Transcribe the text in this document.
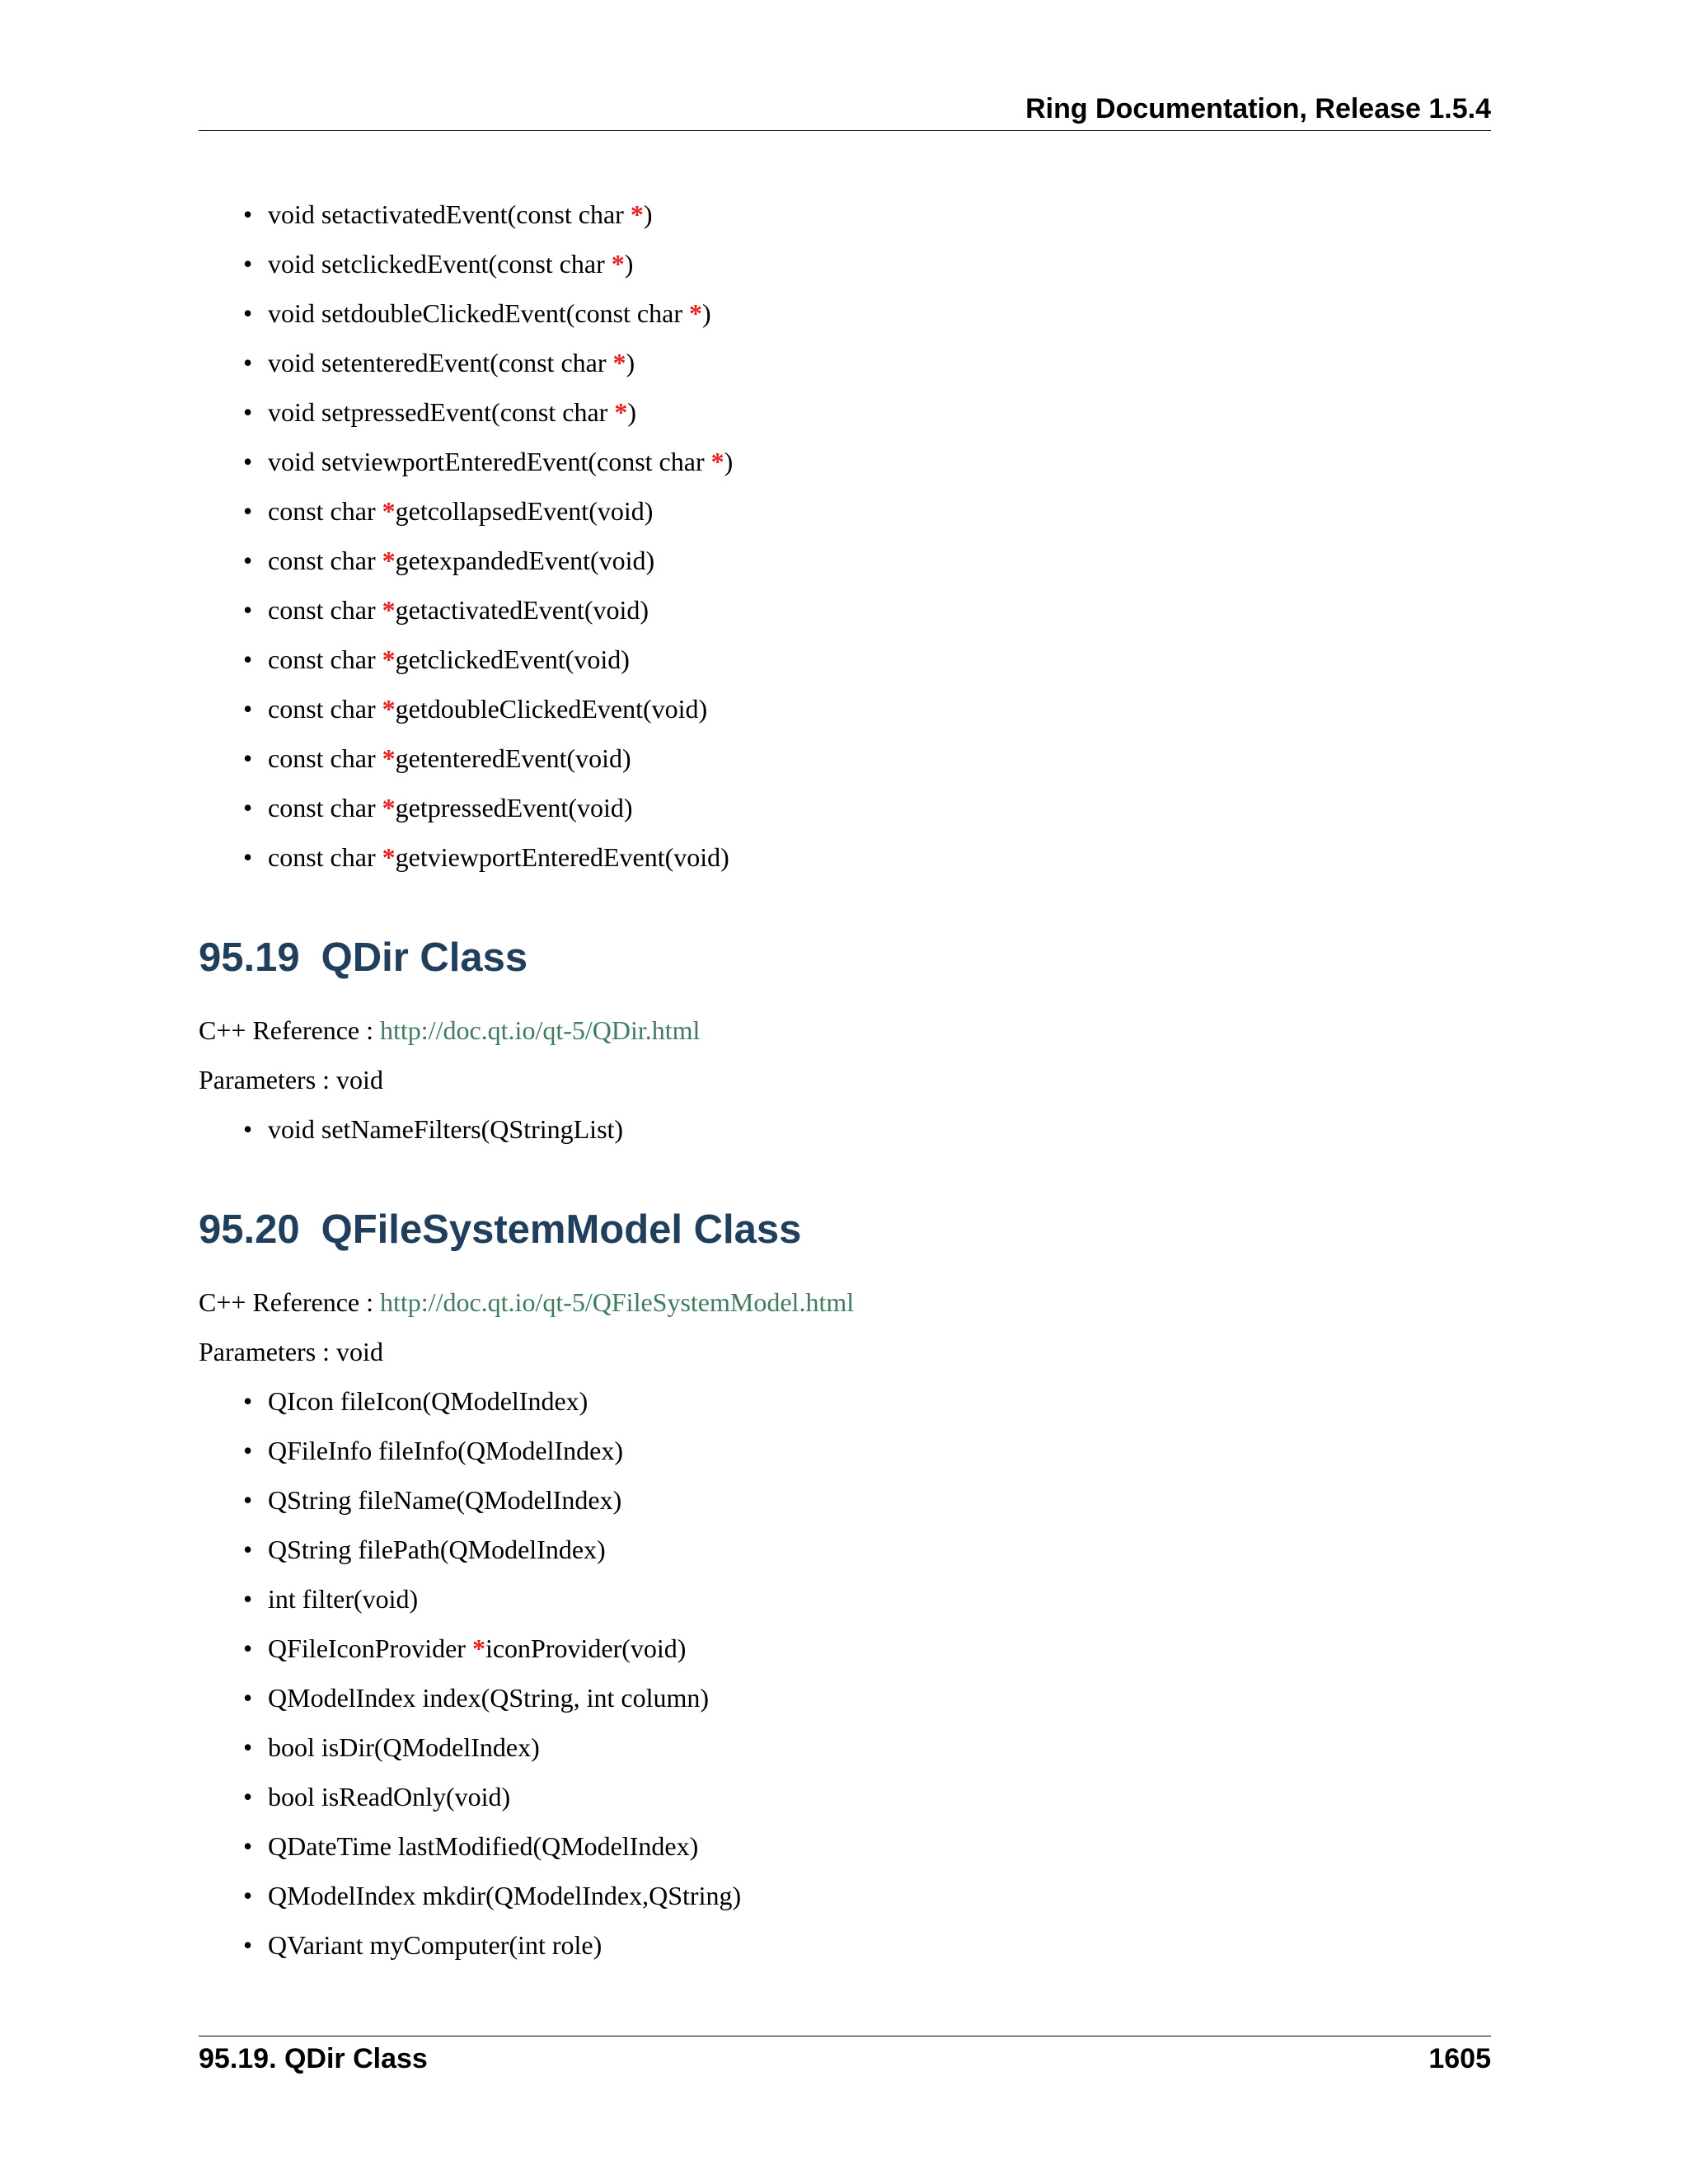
Ring Documentation, Release 1.5.4
• void setactivatedEvent(const char *)
• void setclickedEvent(const char *)
• void setdoubleClickedEvent(const char *)
• void setenteredEvent(const char *)
• void setpressedEvent(const char *)
• void setviewportEnteredEvent(const char *)
• const char *getcollapsedEvent(void)
• const char *getexpandedEvent(void)
• const char *getactivatedEvent(void)
• const char *getclickedEvent(void)
• const char *getdoubleClickedEvent(void)
• const char *getenteredEvent(void)
• const char *getpressedEvent(void)
• const char *getviewportEnteredEvent(void)
95.19 QDir Class

C++ Reference : http://doc.qt.io/qt-5/QDir.html

Parameters : void

• void setNameFilters(QStringList)
95.20 QFileSystemModel Class

C++ Reference : http://doc.qt.io/qt-5/QFileSystemModel.html

Parameters : void

• QIcon fileIcon(QModelIndex)
• QFileInfo fileInfo(QModelIndex)
• QString fileName(QModelIndex)
• QString filePath(QModelIndex)
• int filter(void)
• QFileIconProvider *iconProvider(void)
• QModelIndex index(QString, int column)
• bool isDir(QModelIndex)
• bool isReadOnly(void)
• QDateTime lastModified(QModelIndex)
• QModelIndex mkdir(QModelIndex,QString)
• QVariant myComputer(int role)
95.19. QDir Class	1605
